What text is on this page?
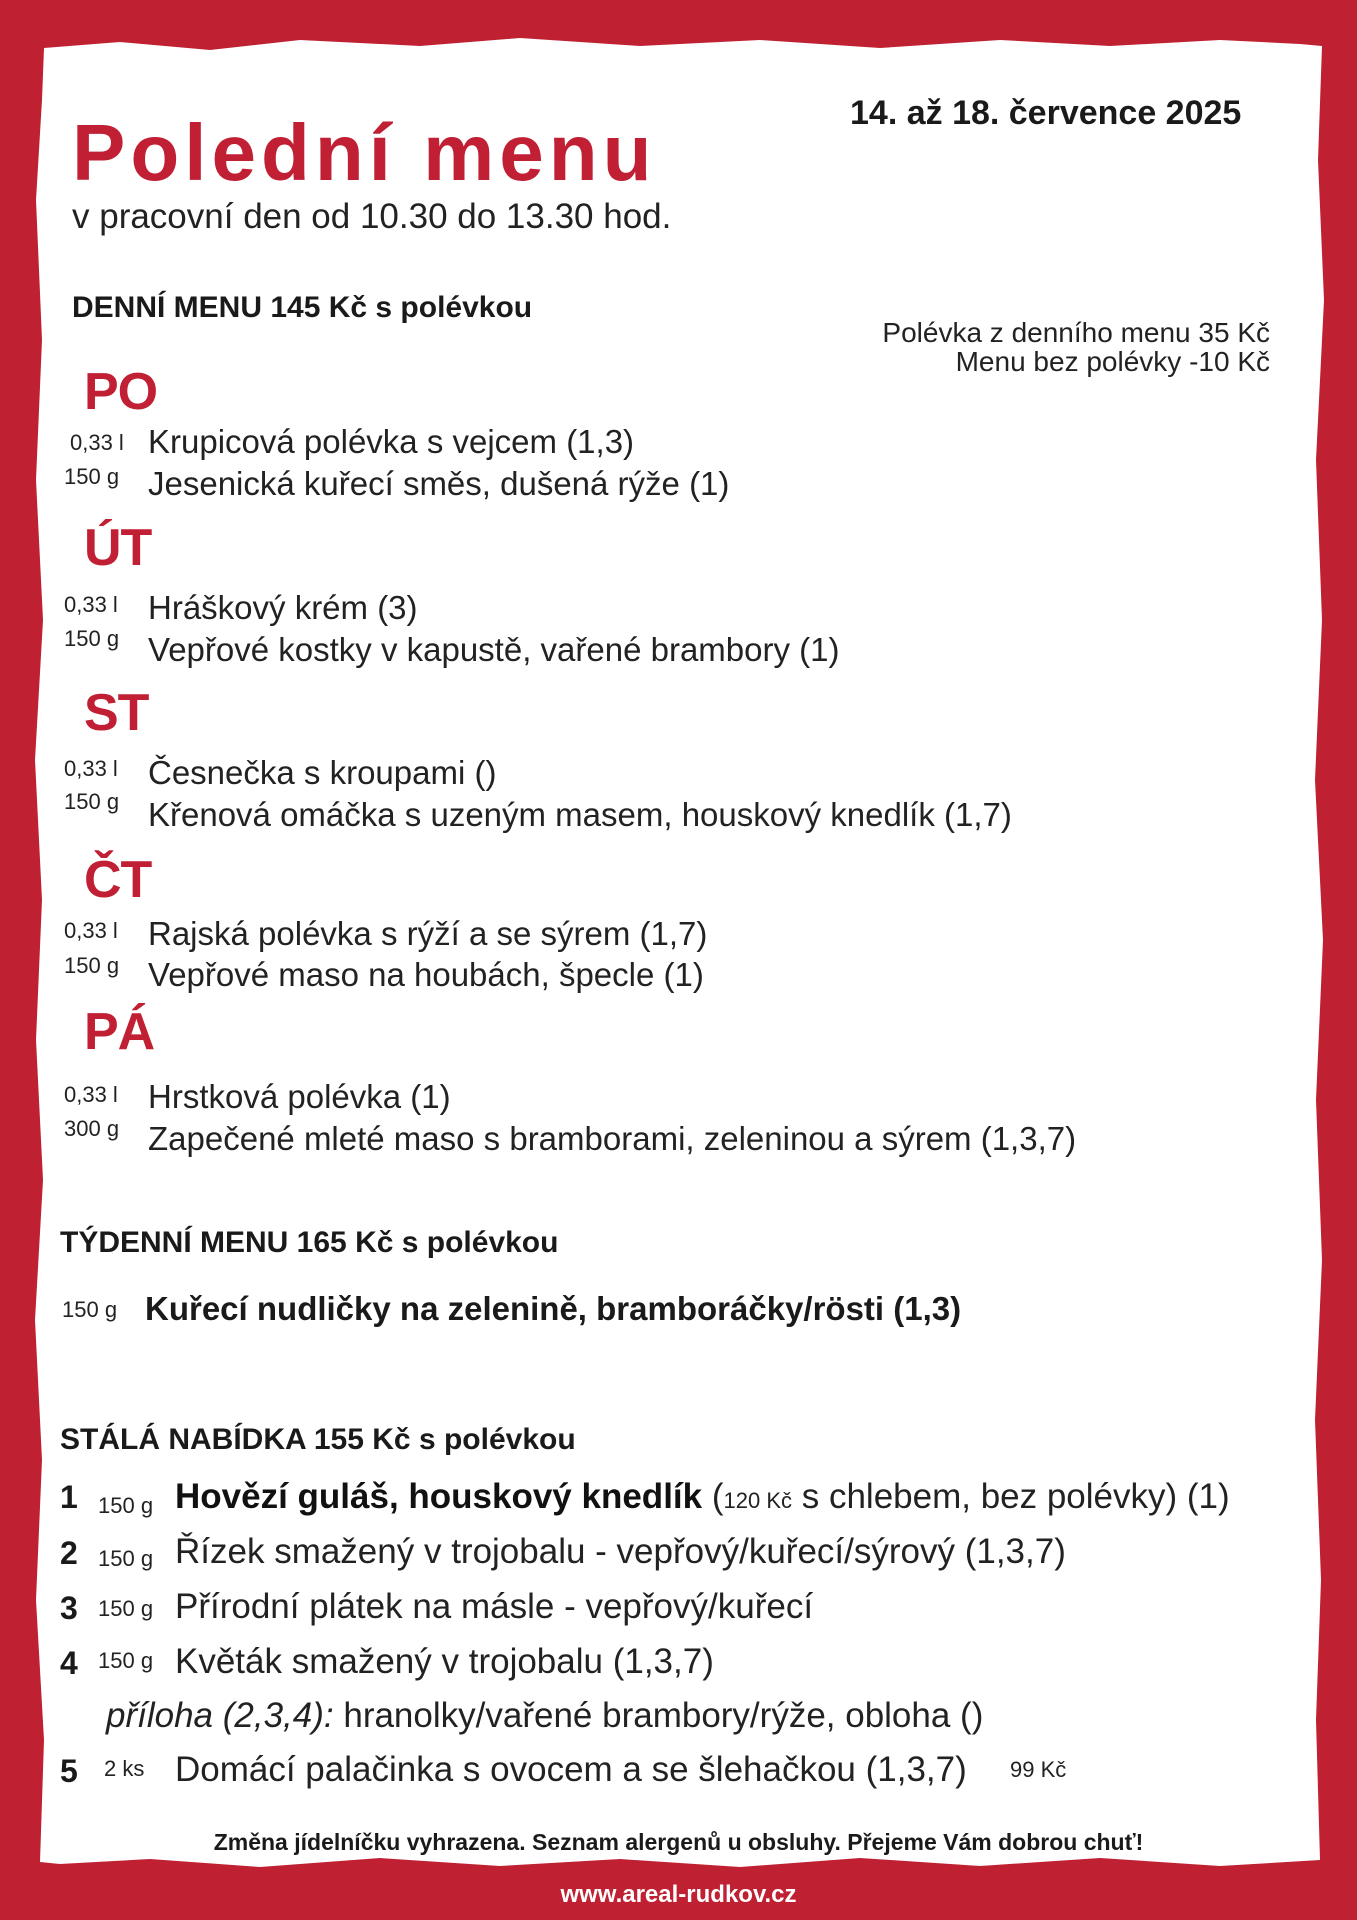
Polední menu
v pracovní den od 10.30 do 13.30 hod.
14. až 18. července 2025
DENNÍ MENU 145 Kč s polévkou
Polévka z denního menu 35 Kč
Menu bez polévky -10 Kč
PO
0,33 l Krupicová polévka s vejcem (1,3)
150 g Jesenická kuřecí směs, dušená rýže (1)
ÚT
0,33 l Hráškový krém (3)
150 g Vepřové kostky v kapustě, vařené brambory (1)
ST
0,33 l Česnečka s kroupami ()
150 g Křenová omáčka s uzeným masem, houskový knedlík (1,7)
ČT
0,33 l Rajská polévka s rýží a se sýrem (1,7)
150 g Vepřové maso na houbách, špecle (1)
PÁ
0,33 l Hrstková polévka (1)
300 g Zapečené mleté maso s bramborami, zeleninou a sýrem (1,3,7)
TÝDENNÍ MENU 165 Kč s polévkou
150 g Kuřecí nudličky na zelenině, bramboráčky/rösti (1,3)
STÁLÁ NABÍDKA 155 Kč s polévkou
1 150 g Hovězí guláš, houskový knedlík (120 Kč s chlebem, bez polévky) (1)
2 150 g Řízek smažený v trojobalu - vepřový/kuřecí/sýrový (1,3,7)
3 150 g Přírodní plátek na másle - vepřový/kuřecí
4 150 g Květák smažený v trojobalu (1,3,7)
příloha (2,3,4): hranolky/vařené brambory/rýže, obloha ()
5 2 ks Domácí palačinka s ovocem a se šlehačkou (1,3,7) 99 Kč
Změna jídelníčku vyhrazena. Seznam alergenů u obsluhy. Přejeme Vám dobrou chuť!
www.areal-rudkov.cz
